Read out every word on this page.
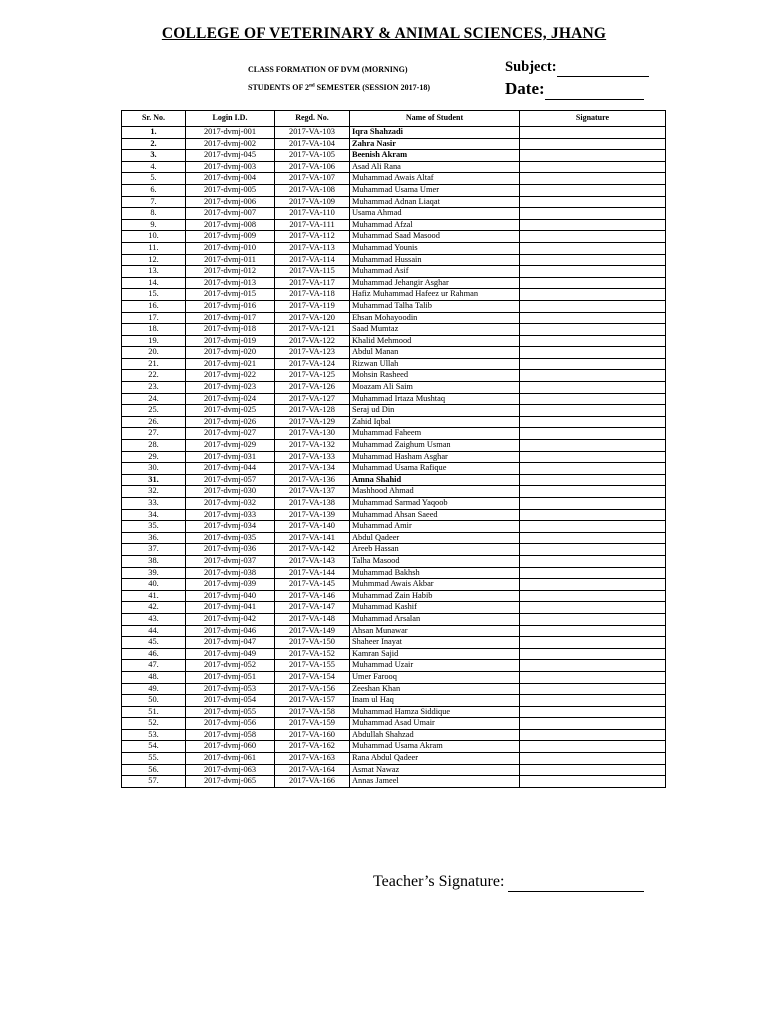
COLLEGE OF VETERINARY & ANIMAL SCIENCES, JHANG
CLASS FORMATION OF DVM (MORNING)
STUDENTS OF 2nd SEMESTER (SESSION 2017-18)
Subject:
Date:
Sr. No.	Login I.D.	Regd. No.	Name of Student	Signature
1.	2017-dvmj-001	2017-VA-103	Iqra Shahzadi	
2.	2017-dvmj-002	2017-VA-104	Zahra Nasir	
3.	2017-dvmj-045	2017-VA-105	Beenish Akram	
4.	2017-dvmj-003	2017-VA-106	Asad Ali Rana	
5.	2017-dvmj-004	2017-VA-107	Muhammad Awais Altaf	
6.	2017-dvmj-005	2017-VA-108	Muhammad Usama Umer	
7.	2017-dvmj-006	2017-VA-109	Muhammad Adnan Liaqat	
8.	2017-dvmj-007	2017-VA-110	Usama Ahmad	
9.	2017-dvmj-008	2017-VA-111	Muhammad Afzal	
10.	2017-dvmj-009	2017-VA-112	Muhammad Saad Masood	
11.	2017-dvmj-010	2017-VA-113	Muhammad Younis	
12.	2017-dvmj-011	2017-VA-114	Muhammad Hussain	
13.	2017-dvmj-012	2017-VA-115	Muhammad Asif	
14.	2017-dvmj-013	2017-VA-117	Muhammad Jehangir Asghar	
15.	2017-dvmj-015	2017-VA-118	Hafiz Muhammad Hafeez ur Rahman	
16.	2017-dvmj-016	2017-VA-119	Muhammad Talha Talib	
17.	2017-dvmj-017	2017-VA-120	Ehsan Mohayoodin	
18.	2017-dvmj-018	2017-VA-121	Saad Mumtaz	
19.	2017-dvmj-019	2017-VA-122	Khalid Mehmood	
20.	2017-dvmj-020	2017-VA-123	Abdul Manan	
21.	2017-dvmj-021	2017-VA-124	Rizwan Ullah	
22.	2017-dvmj-022	2017-VA-125	Mohsin Rasheed	
23.	2017-dvmj-023	2017-VA-126	Moazam Ali Saim	
24.	2017-dvmj-024	2017-VA-127	Muhammad Irtaza Mushtaq	
25.	2017-dvmj-025	2017-VA-128	Seraj ud Din	
26.	2017-dvmj-026	2017-VA-129	Zahid Iqbal	
27.	2017-dvmj-027	2017-VA-130	Muhammad Faheem	
28.	2017-dvmj-029	2017-VA-132	Muhammad Zaighum Usman	
29.	2017-dvmj-031	2017-VA-133	Muhammad Hasham Asghar	
30.	2017-dvmj-044	2017-VA-134	Muhammad Usama Rafique	
31.	2017-dvmj-057	2017-VA-136	Amna Shahid	
32.	2017-dvmj-030	2017-VA-137	Mashhood Ahmad	
33.	2017-dvmj-032	2017-VA-138	Muhammad Sarmad Yaqoob	
34.	2017-dvmj-033	2017-VA-139	Muhammad Ahsan Saeed	
35.	2017-dvmj-034	2017-VA-140	Muhammad Amir	
36.	2017-dvmj-035	2017-VA-141	Abdul Qadeer	
37.	2017-dvmj-036	2017-VA-142	Areeb Hassan	
38.	2017-dvmj-037	2017-VA-143	Talha Masood	
39.	2017-dvmj-038	2017-VA-144	Muhammad Bakhsh	
40.	2017-dvmj-039	2017-VA-145	Muhmmad Awais Akbar	
41.	2017-dvmj-040	2017-VA-146	Muhammad Zain Habib	
42.	2017-dvmj-041	2017-VA-147	Muhammad Kashif	
43.	2017-dvmj-042	2017-VA-148	Muhammad Arsalan	
44.	2017-dvmj-046	2017-VA-149	Ahsan Munawar	
45.	2017-dvmj-047	2017-VA-150	Shaheer Inayat	
46.	2017-dvmj-049	2017-VA-152	Kamran Sajid	
47.	2017-dvmj-052	2017-VA-155	Muhammad Uzair	
48.	2017-dvmj-051	2017-VA-154	Umer Farooq	
49.	2017-dvmj-053	2017-VA-156	Zeeshan Khan	
50.	2017-dvmj-054	2017-VA-157	Inam ul Haq	
51.	2017-dvmj-055	2017-VA-158	Muhammad Hamza Siddique	
52.	2017-dvmj-056	2017-VA-159	Muhammad Asad Umair	
53.	2017-dvmj-058	2017-VA-160	Abdullah Shahzad	
54.	2017-dvmj-060	2017-VA-162	Muhammad Usama Akram	
55.	2017-dvmj-061	2017-VA-163	Rana Abdul Qadeer	
56.	2017-dvmj-063	2017-VA-164	Asmat Nawaz	
57.	2017-dvmj-065	2017-VA-166	Annas Jameel	
Teacher’s Signature:
